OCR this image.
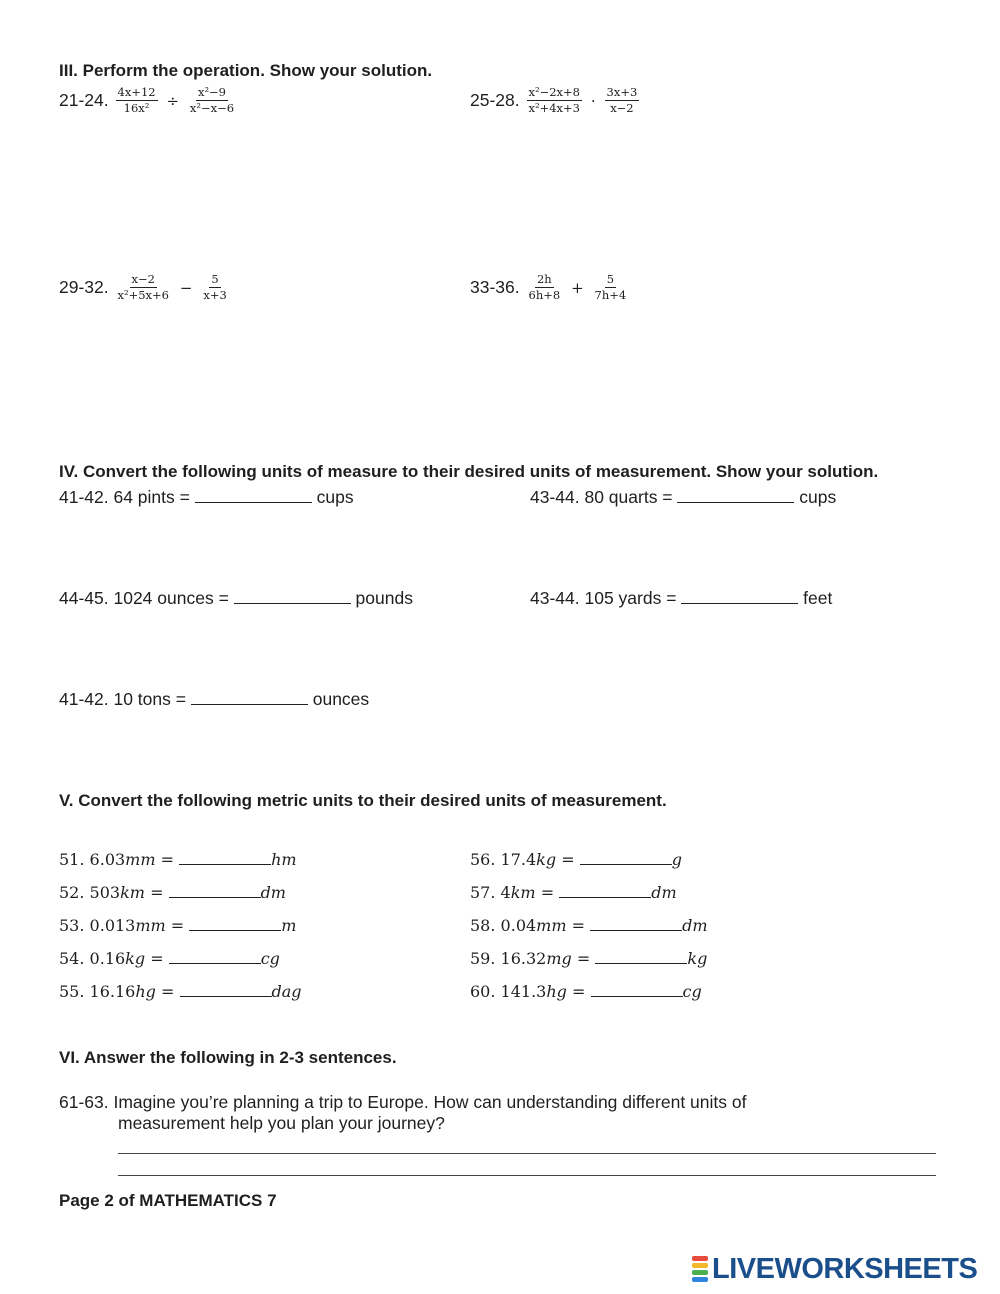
III. Perform the operation. Show your solution.
21-24. $\frac{4x+12}{\text{16x²}} \div \frac{\text{x²−9}}{\text{x²−x−6}}$	25-28. $\frac{\text{x²−2x+8}}{\text{x²+4x+3}} \cdot \frac{3x+3}{x-2}$
29-32. $\frac{x-2}{\text{x²+5x+6}} - \frac{5}{x+3}$	33-36. $\frac{2h}{6h+8} + \frac{5}{7h+4}$
IV. Convert the following units of measure to their desired units of measurement. Show your solution.
41-42. 64 pints =	cups	43-44. 80 quarts =	cups
44-45. 1024 ounces =	pounds	43-44. 105 yards =	feet
41-42. 10 tons =	ounces
V. Convert the following metric units to their desired units of measurement.
51. 6.03mm =	hm
52. 503km =	dm
53. 0.013mm =	m
54. 0.16kg =	cg
55. 16.16hg =	dag
56. 17.4kg =	g
57. 4km =	dm
58. 0.04mm =	dm
59. 16.32mg =	kg
60. 141.3hg =	cg
VI. Answer the following in 2-3 sentences.
61-63. Imagine you’re planning a trip to Europe. How can understanding different units of
measurement help you plan your journey?
Page 2 of MATHEMATICS 7
LIVEWORKSHEETS
